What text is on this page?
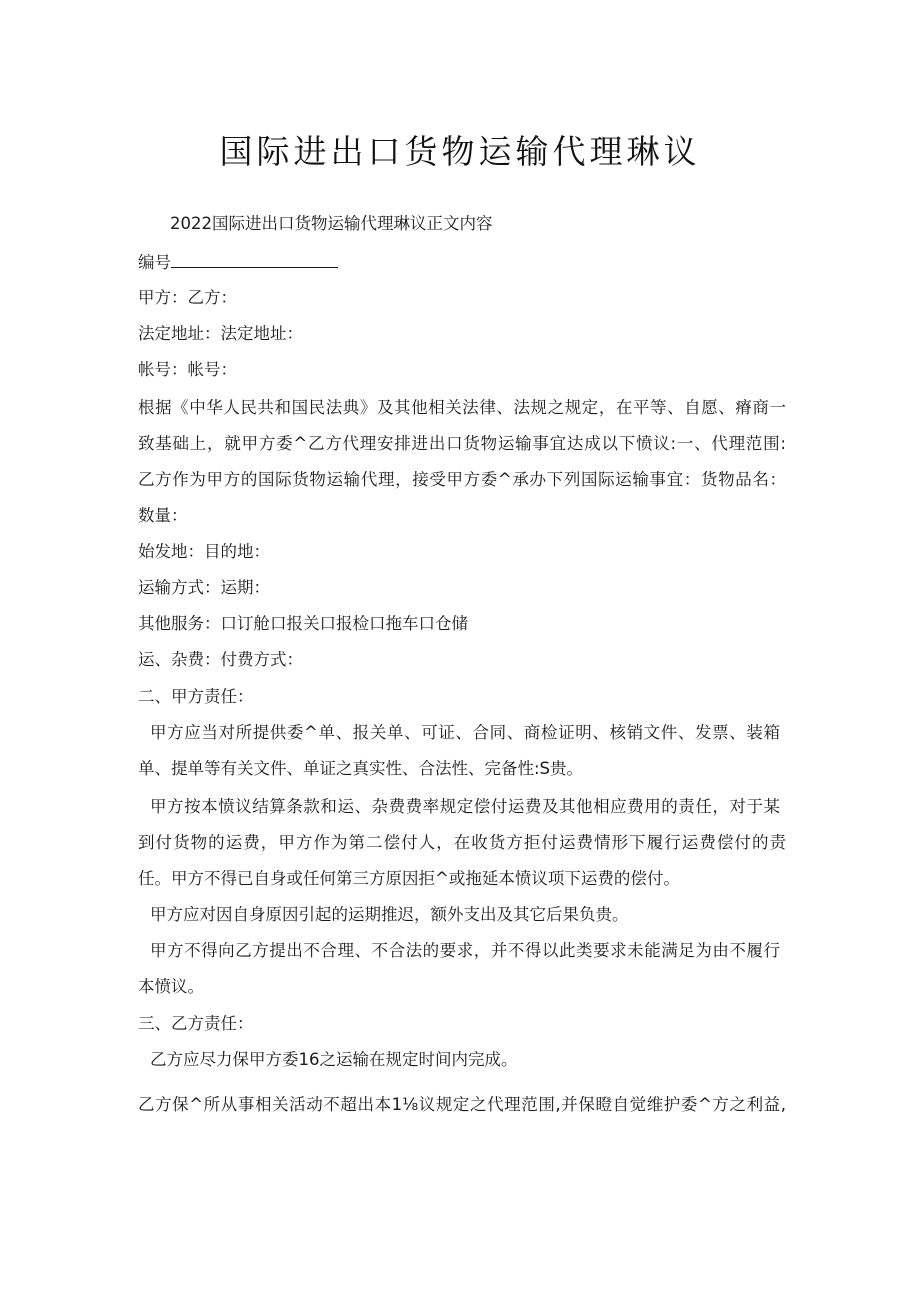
国际进出口货物运输代理琳议
2022国际进出口货物运输代理琳议正文内容
编号
甲方：乙方：
法定地址：法定地址：
帐号：帐号：
根据《中华人民共和国民法典》及其他相关法律、法规之规定，在平等、自愿、瘠商一
致基础上，就甲方委^乙方代理安排进出口货物运输事宜达成以下愤议:一、代理范围:
乙方作为甲方的国际货物运输代理，接受甲方委^承办下列国际运输事宜：货物品名：
数量：
始发地：目的地：
运输方式：运期：
其他服务：口订舱口报关口报检口拖车口仓储
运、杂费：付费方式：
二、甲方责任：
甲方应当对所提供委^单、报关单、可证、合同、商检证明、核销文件、发票、装箱
单、提单等有关文件、单证之真实性、合法性、完备性:S贵。
甲方按本愤议结算条款和运、杂费费率规定偿付运费及其他相应费用的责任，对于某
到付货物的运费，甲方作为第二偿付人，在收货方拒付运费情形下履行运费偿付的责
任。甲方不得已自身或任何第三方原因拒^或拖延本愤议项下运费的偿付。
甲方应对因自身原因引起的运期推迟，额外支出及其它后果负贵。
甲方不得向乙方提出不合理、不合法的要求，并不得以此类要求未能满足为由不履行
本愤议。
三、乙方责任：
乙方应尽力保甲方委16之运输在规定时间内完成。
乙方保^所从事相关活动不超出本1⅛议规定之代理范围,并保瞪自觉维护委^方之利益,
